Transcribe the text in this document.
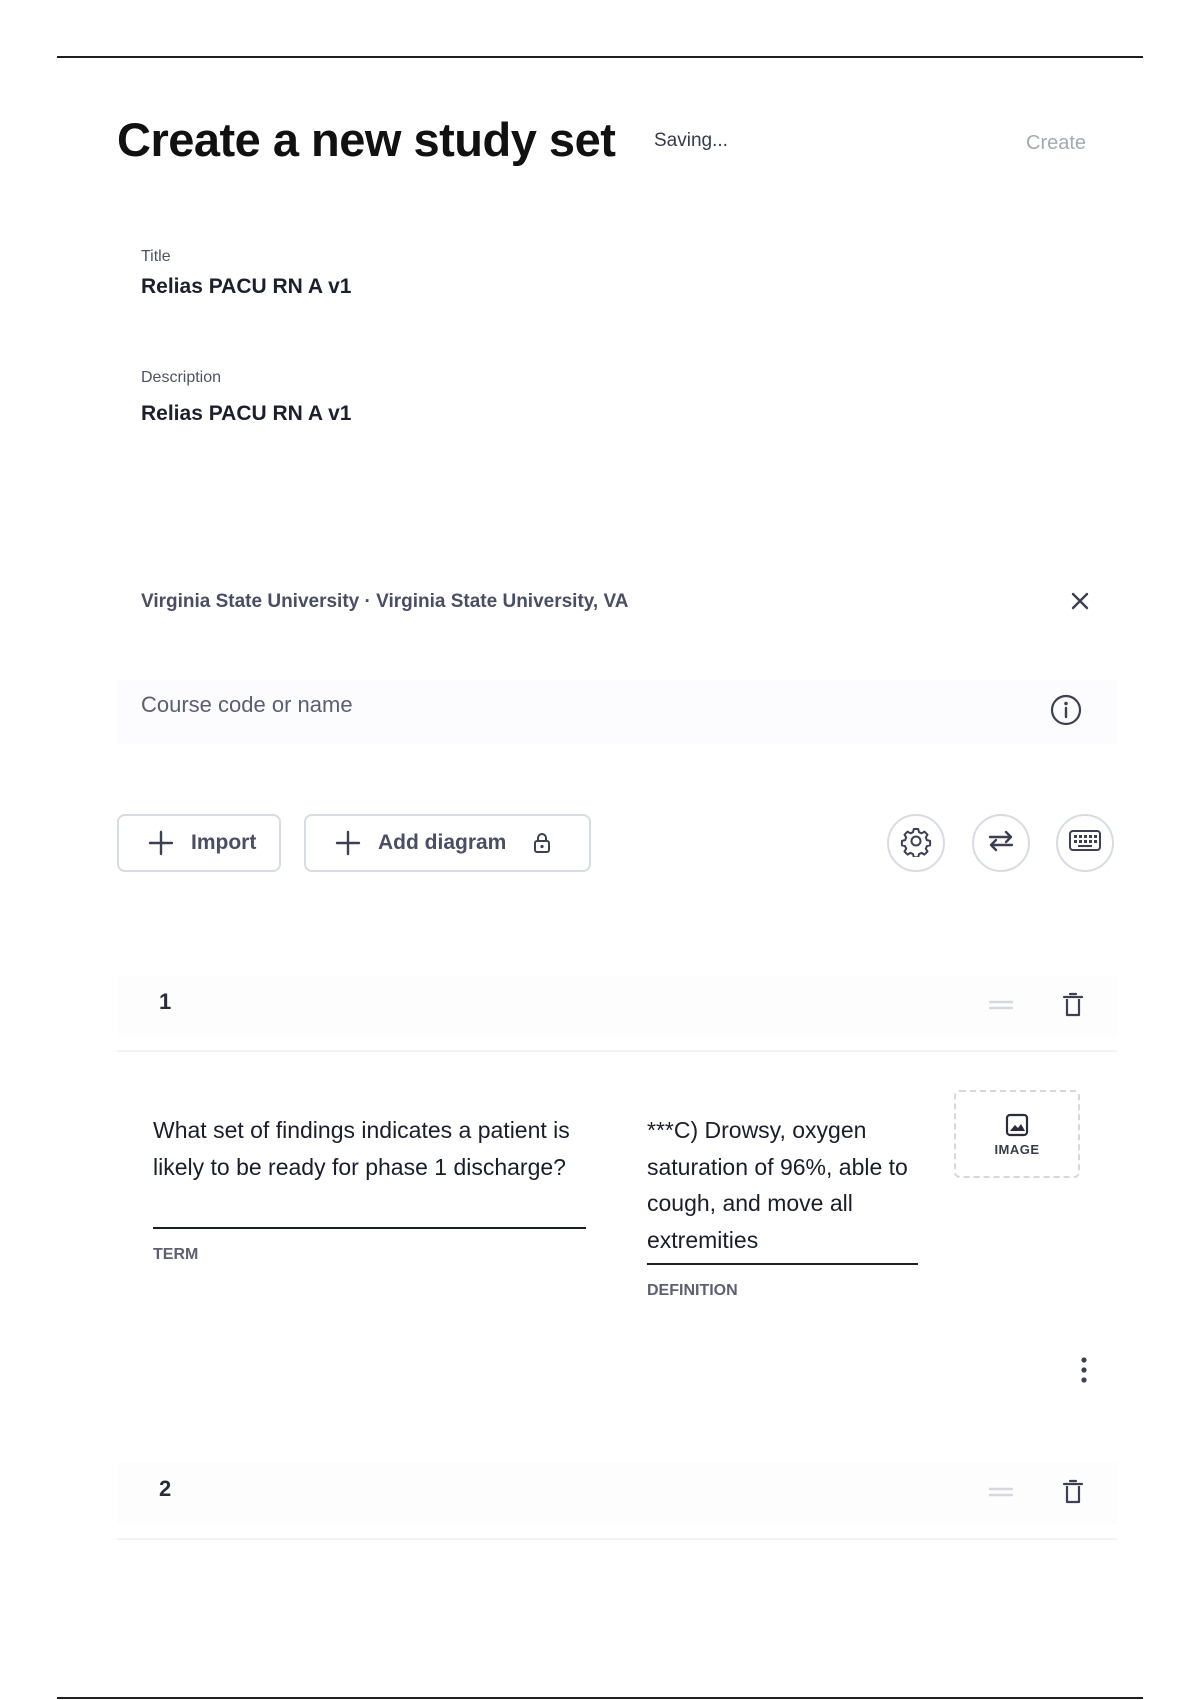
Create a new study set Saving...	Create
Title
Relias PACU RN A v1
Description
Relias PACU RN A v1
Virginia State University · Virginia State University, VA
Course code or name
Import	Add diagram
1
What set of findings indicates a patient is likely to be ready for phase 1 discharge?
TERM
***C) Drowsy, oxygen saturation of 96%, able to cough, and move all extremities
DEFINITION
IMAGE
2
